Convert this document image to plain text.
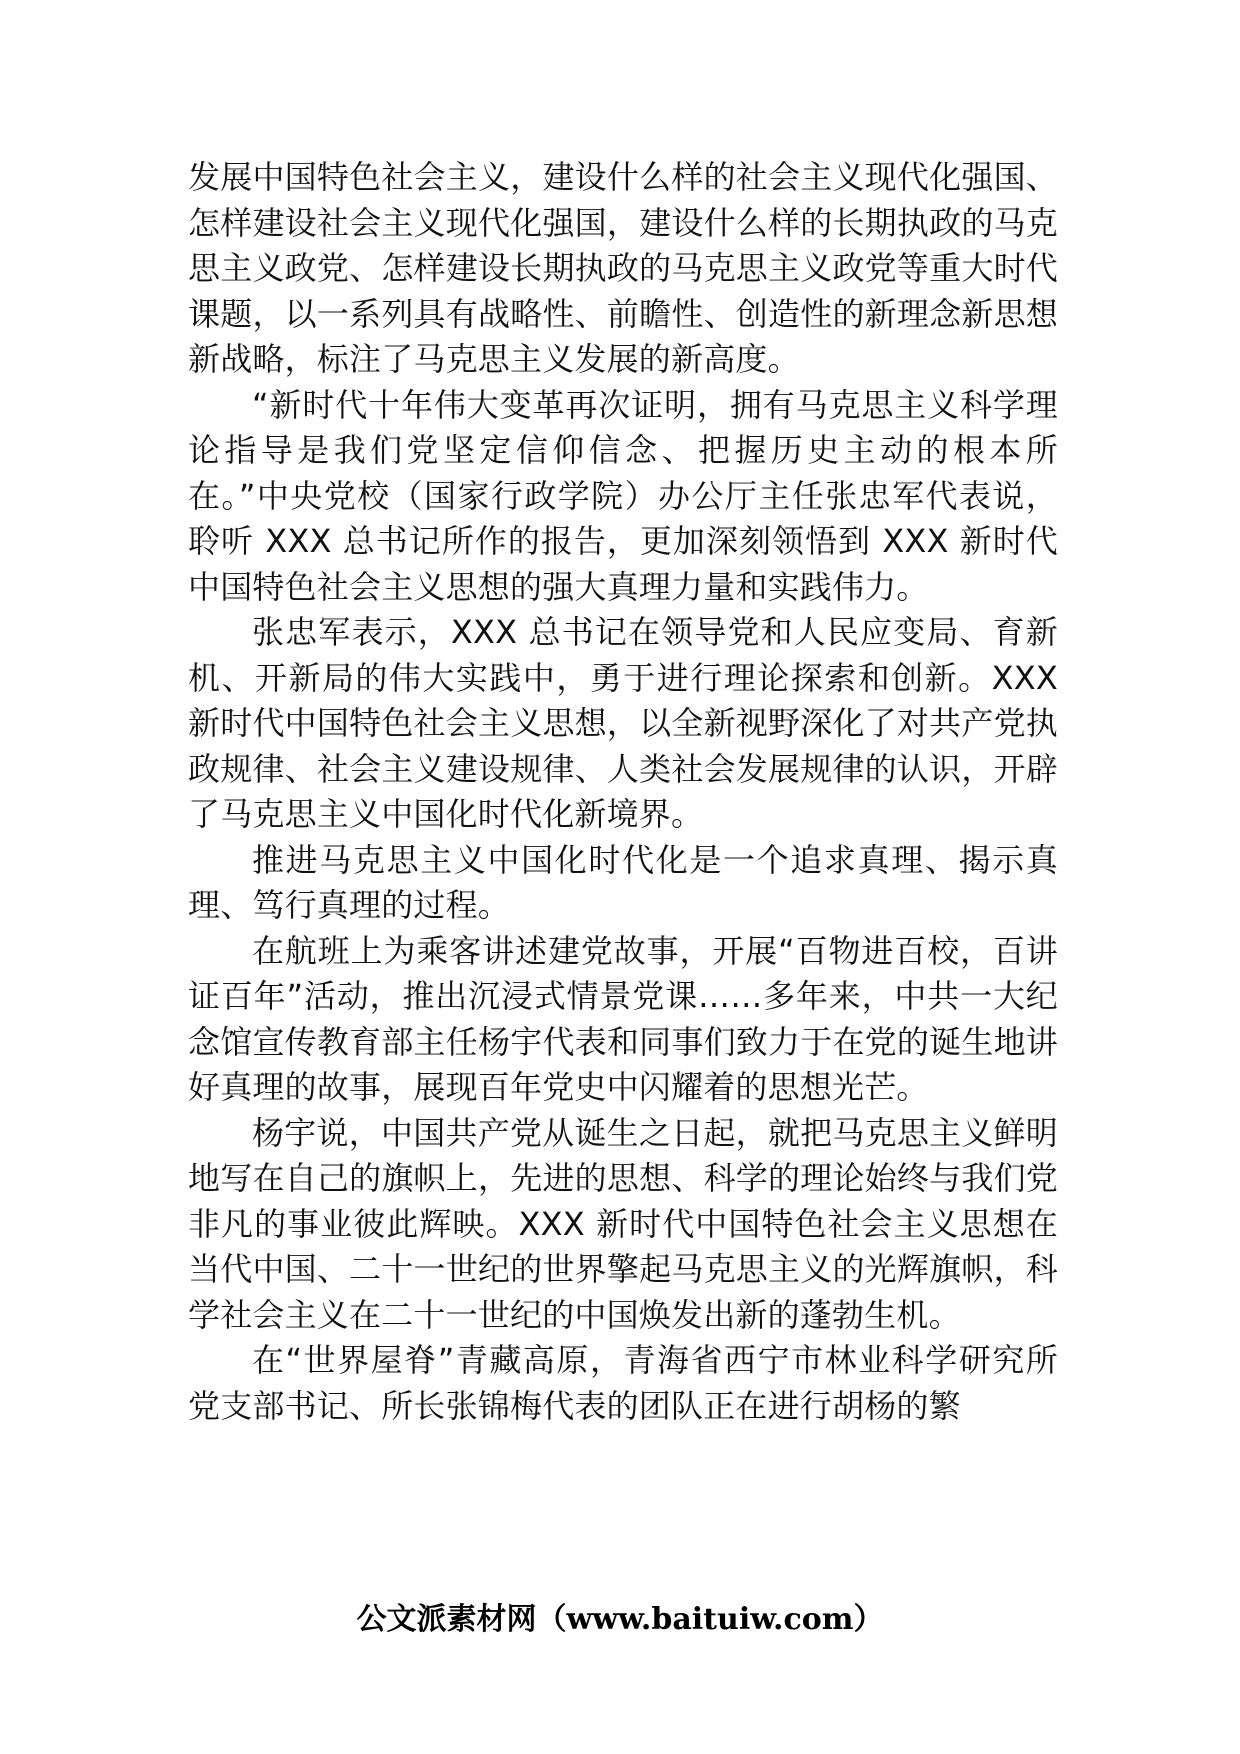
发展中国特色社会主义，建设什么样的社会主义现代化强国、怎样建设社会主义现代化强国，建设什么样的长期执政的马克思主义政党、怎样建设长期执政的马克思主义政党等重大时代课题，以一系列具有战略性、前瞻性、创造性的新理念新思想新战略，标注了马克思主义发展的新高度。

“新时代十年伟大变革再次证明，拥有马克思主义科学理论指导是我们党坚定信仰信念、把握历史主动的根本所在。”中央党校（国家行政学院）办公厅主任张忠军代表说，聆听 XXX 总书记所作的报告，更加深刻领悟到 XXX 新时代中国特色社会主义思想的强大真理力量和实践伟力。

张忠军表示，XXX 总书记在领导党和人民应变局、育新机、开新局的伟大实践中，勇于进行理论探索和创新。XXX 新时代中国特色社会主义思想，以全新视野深化了对共产党执政规律、社会主义建设规律、人类社会发展规律的认识，开辟了马克思主义中国化时代化新境界。

推进马克思主义中国化时代化是一个追求真理、揭示真理、笃行真理的过程。

在航班上为乘客讲述建党故事，开展“百物进百校，百讲证百年”活动，推出沉浸式情景党课……多年来，中共一大纪念馆宣传教育部主任杨宇代表和同事们致力于在党的诞生地讲好真理的故事，展现百年党史中闪耀着的思想光芒。

杨宇说，中国共产党从诞生之日起，就把马克思主义鲜明地写在自己的旗帜上，先进的思想、科学的理论始终与我们党非凡的事业彼此辉映。XXX 新时代中国特色社会主义思想在当代中国、二十一世纪的世界擎起马克思主义的光辉旗帜，科学社会主义在二十一世纪的中国焕发出新的蓬勃生机。

在“世界屋脊”青藏高原，青海省西宁市林业科学研究所党支部书记、所长张锦梅代表的团队正在进行胡杨的繁

公文派素材网（www.baituiw.com）
